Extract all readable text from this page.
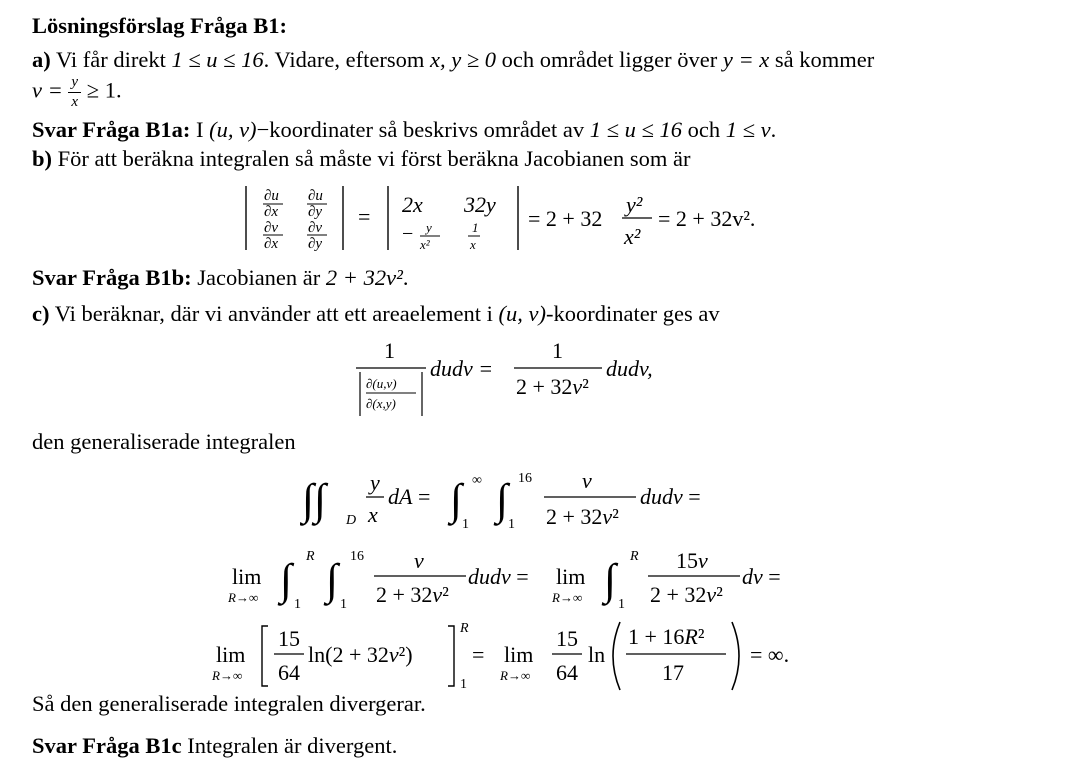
Lösningsförslag Fråga B1:
a) Vi får direkt 1 ≤ u ≤ 16. Vidare, eftersom x, y ≥ 0 och området ligger över y = x så kommer
$v = \frac{y}{x} \ge 1$.
Svar Fråga B1a: I (u, v)−koordinater så beskrivs området av 1 ≤ u ≤ 16 och 1 ≤ v.
b) För att beräkna integralen så måste vi först beräkna Jacobianen som är
∂u
∂x
∂u
∂y
∂v
∂x
∂v
∂y
= 2x 32y
− y
x²
1
x
= 2 + 32
y²
x²
= 2 + 32v².
Svar Fråga B1b: Jacobianen är 2 + 32v².
c) Vi beräknar, där vi använder att ett areaelement i (u, v)-koordinater ges av
1
∂(u,v)
∂(x,y)
dudv =
1
2 + 32v²
dudv,
den generaliserade integralen
∫∫ D
y
x
dA = ∫ ∞
1
∫ 16
1
v
2 + 32v²
dudv =
lim
R→∞ ∫ R
1
∫ 16
1
v
2 + 32v²
dudv = lim
R→∞ ∫ R
1
15v
2 + 32v²
dv =
lim
R→∞
15
64
ln(2 + 32v²)
R
1
= lim
R→∞
15
64
ln
1 + 16R²
17
= ∞.
Så den generaliserade integralen divergerar.
Svar Fråga B1c Integralen är divergent.
